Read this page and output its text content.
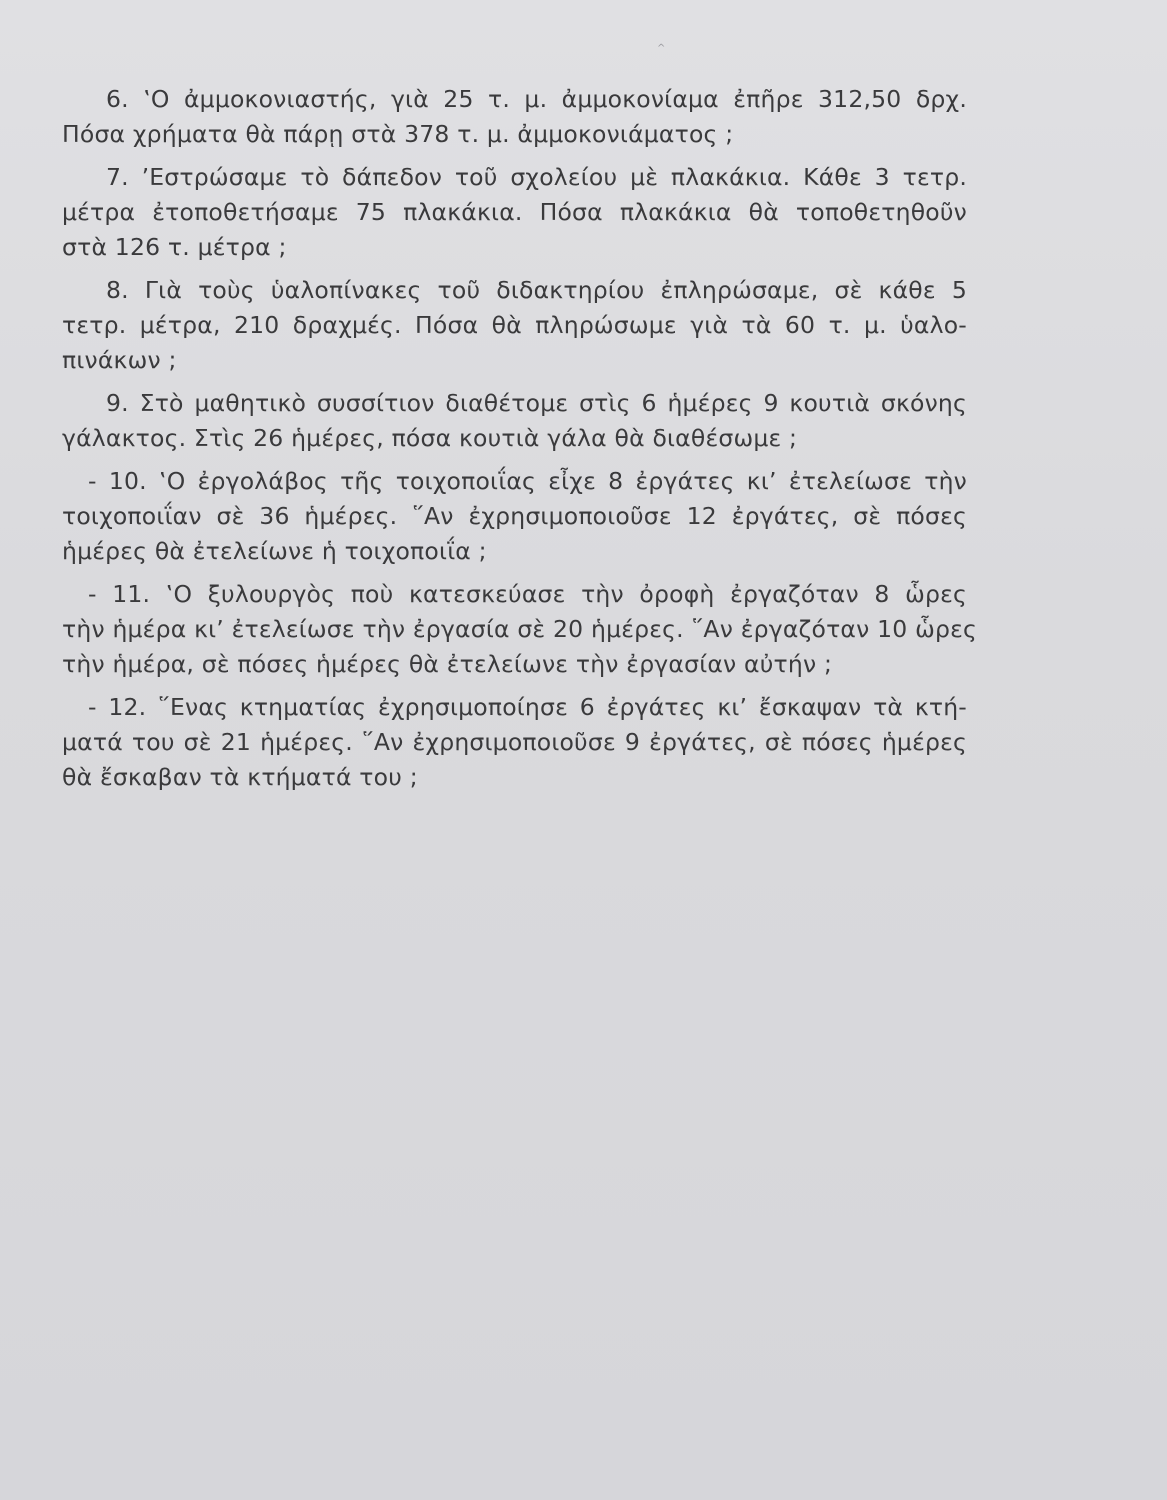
^
6. ‛Ο ἀμμοκονιαστής, γιὰ 25 τ. μ. ἀμμοκονίαμα ἐπῆρε 312,50 δρχ.
Πόσα χρήματα θὰ πάρῃ στὰ 378 τ. μ. ἀμμοκονιάματος ;
7. ’Εστρώσαμε τὸ δάπεδον τοῦ σχολείου μὲ πλακάκια. Κάθε 3 τετρ.
μέτρα ἐτοποθετήσαμε 75 πλακάκια. Πόσα πλακάκια θὰ τοποθετηθοῦν
στὰ 126 τ. μέτρα ;
8. Γιὰ τοὺς ὑαλοπίνακες τοῦ διδακτηρίου ἐπληρώσαμε, σὲ κάθε 5
τετρ. μέτρα, 210 δραχμές. Πόσα θὰ πληρώσωμε γιὰ τὰ 60 τ. μ. ὑαλο-
πινάκων ;
9. Στὸ μαθητικὸ συσσίτιον διαθέτομε στὶς 6 ἡμέρες 9 κουτιὰ σκόνης
γάλακτος. Στὶς 26 ἡμέρες, πόσα κουτιὰ γάλα θὰ διαθέσωμε ;
- 10. ‛Ο ἐργολάβος τῆς τοιχοποιΐας εἶχε 8 ἐργάτες κι’ ἐτελείωσε τὴν
τοιχοποιΐαν σὲ 36 ἡμέρες. ῞Αν ἐχρησιμοποιοῦσε 12 ἐργάτες, σὲ πόσες
ἡμέρες θὰ ἐτελείωνε ἡ τοιχοποιΐα ;
- 11. ‛Ο ξυλουργὸς ποὺ κατεσκεύασε τὴν ὀροφὴ ἐργαζόταν 8 ὧρες
τὴν ἡμέρα κι’ ἐτελείωσε τὴν ἐργασία σὲ 20 ἡμέρες. ῞Αν ἐργαζόταν 10 ὧρες
τὴν ἡμέρα, σὲ πόσες ἡμέρες θὰ ἐτελείωνε τὴν ἐργασίαν αὐτήν ;
- 12. ῞Ενας κτηματίας ἐχρησιμοποίησε 6 ἐργάτες κι’ ἔσκαψαν τὰ κτή-
ματά του σὲ 21 ἡμέρες. ῞Αν ἐχρησιμοποιοῦσε 9 ἐργάτες, σὲ πόσες ἡμέρες
θὰ ἔσκαβαν τὰ κτήματά του ;
